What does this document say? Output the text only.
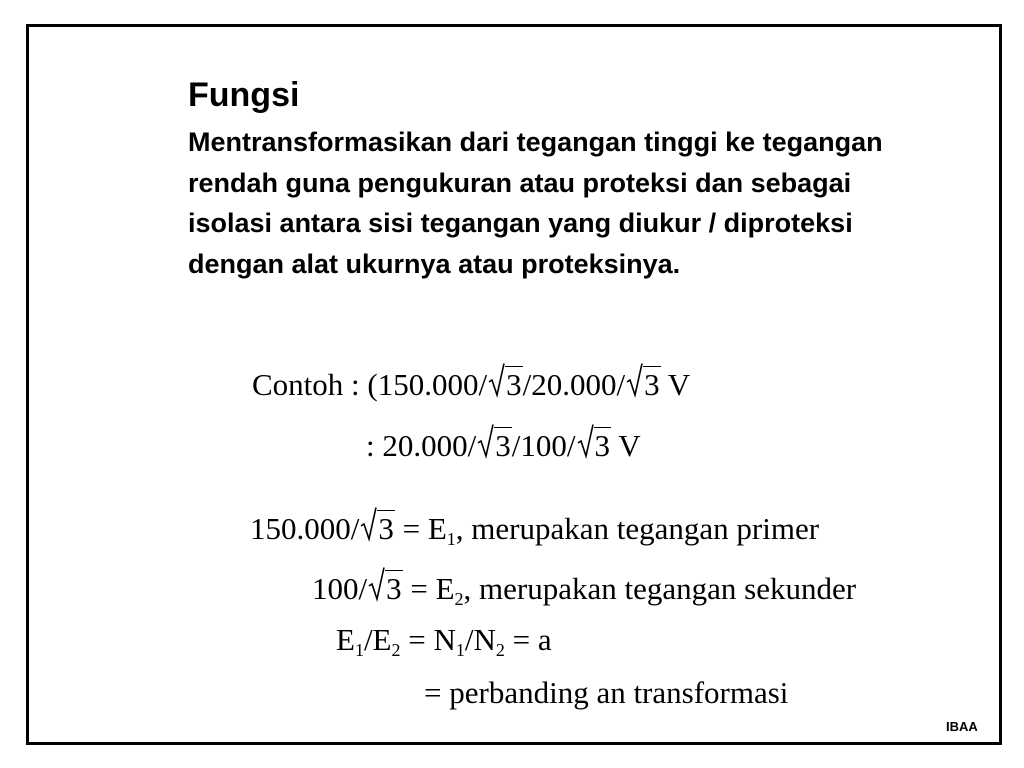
Fungsi
Mentransformasikan dari tegangan tinggi ke tegangan rendah guna pengukuran atau proteksi dan sebagai isolasi antara sisi tegangan yang diukur / diproteksi dengan alat ukurnya atau proteksinya.
Contoh : (150.000/ 3/20.000/ 3 V
: 20.000/ 3/100/ 3 V
150.000/ $3 = E_1$, merupakan tegangan primer
100/ $3 = E_2$, merupakan tegangan sekunder
$E_1/E_2 = N_1/N_2 = a$
= perbanding an transformasi
IBAA
